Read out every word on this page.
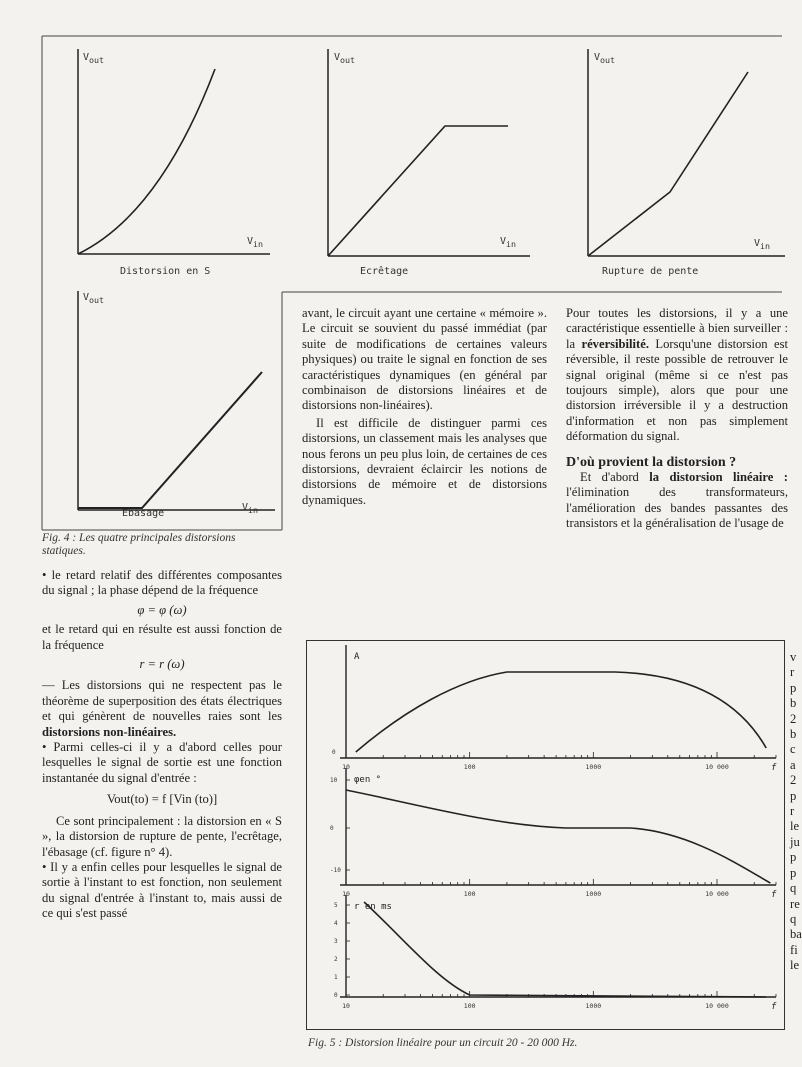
$V_{out}$
$V_{in}$
Distorsion en S
$V_{out}$
$V_{in}$
Ecrêtage
$V_{out}$
$V_{in}$
Rupture de pente
$V_{out}$
$V_{in}$
Ebasage
Fig. 4 : Les quatre principales distorsions statiques.

• le retard relatif des différentes composantes du signal ; la phase dépend de la fréquence

φ = φ (ω)

et le retard qui en résulte est aussi fonction de la fréquence

r = r (ω)

— Les distorsions qui ne respectent pas le théorème de superposition des états électriques et qui génèrent de nouvelles raies sont les distorsions non-linéaires.

• Parmi celles-ci il y a d'abord celles pour lesquelles le signal de sortie est une fonction instantanée du signal d'entrée :

Vout(to) = f [Vin (to)]

Ce sont principalement : la distorsion en « S », la distorsion de rupture de pente, l'ecrêtage, l'ébasage (cf. figure n° 4).

• Il y a enfin celles pour lesquelles le signal de sortie à l'instant to est fonction, non seulement du signal d'entrée à l'instant to, mais aussi de ce qui s'est passé

avant, le circuit ayant une certaine « mémoire ». Le circuit se souvient du passé immédiat (par suite de modifications de certaines valeurs physiques) ou traite le signal en fonction de ses caractéristiques dynamiques (en général par combinaison de distorsions linéaires et de distorsions non-linéaires).

Il est difficile de distinguer parmi ces distorsions, un classement mais les analyses que nous ferons un peu plus loin, de certaines de ces distorsions, devraient éclaircir les notions de distorsions de mémoire et de distorsions dynamiques.

Pour toutes les distorsions, il y a une caractéristique essentielle à bien surveiller : la réversibilité. Lorsqu'une distorsion est réversible, il reste possible de retrouver le signal original (même si ce n'est pas toujours simple), alors que pour une distorsion irréversible il y a destruction d'information et non pas simplement déformation du signal.

D'où provient la distorsion ?

Et d'abord la distorsion linéaire : l'élimination des transformateurs, l'amélioration des bandes passantes des transistors et la généralisation de l'usage de

10	100	1000	10 000	f
A
10	100	1000	10 000	f
φen °
10	100	1000	10 000	f
r en ms
0
10
0
-10
5
4
3
2
1
0
Fig. 5 : Distorsion linéaire pour un circuit 20 - 20 000 Hz.
v
r
p
b
2
b
c
a
2
p
r
le
ju
p
p
q
re
q
ba
fi
le
